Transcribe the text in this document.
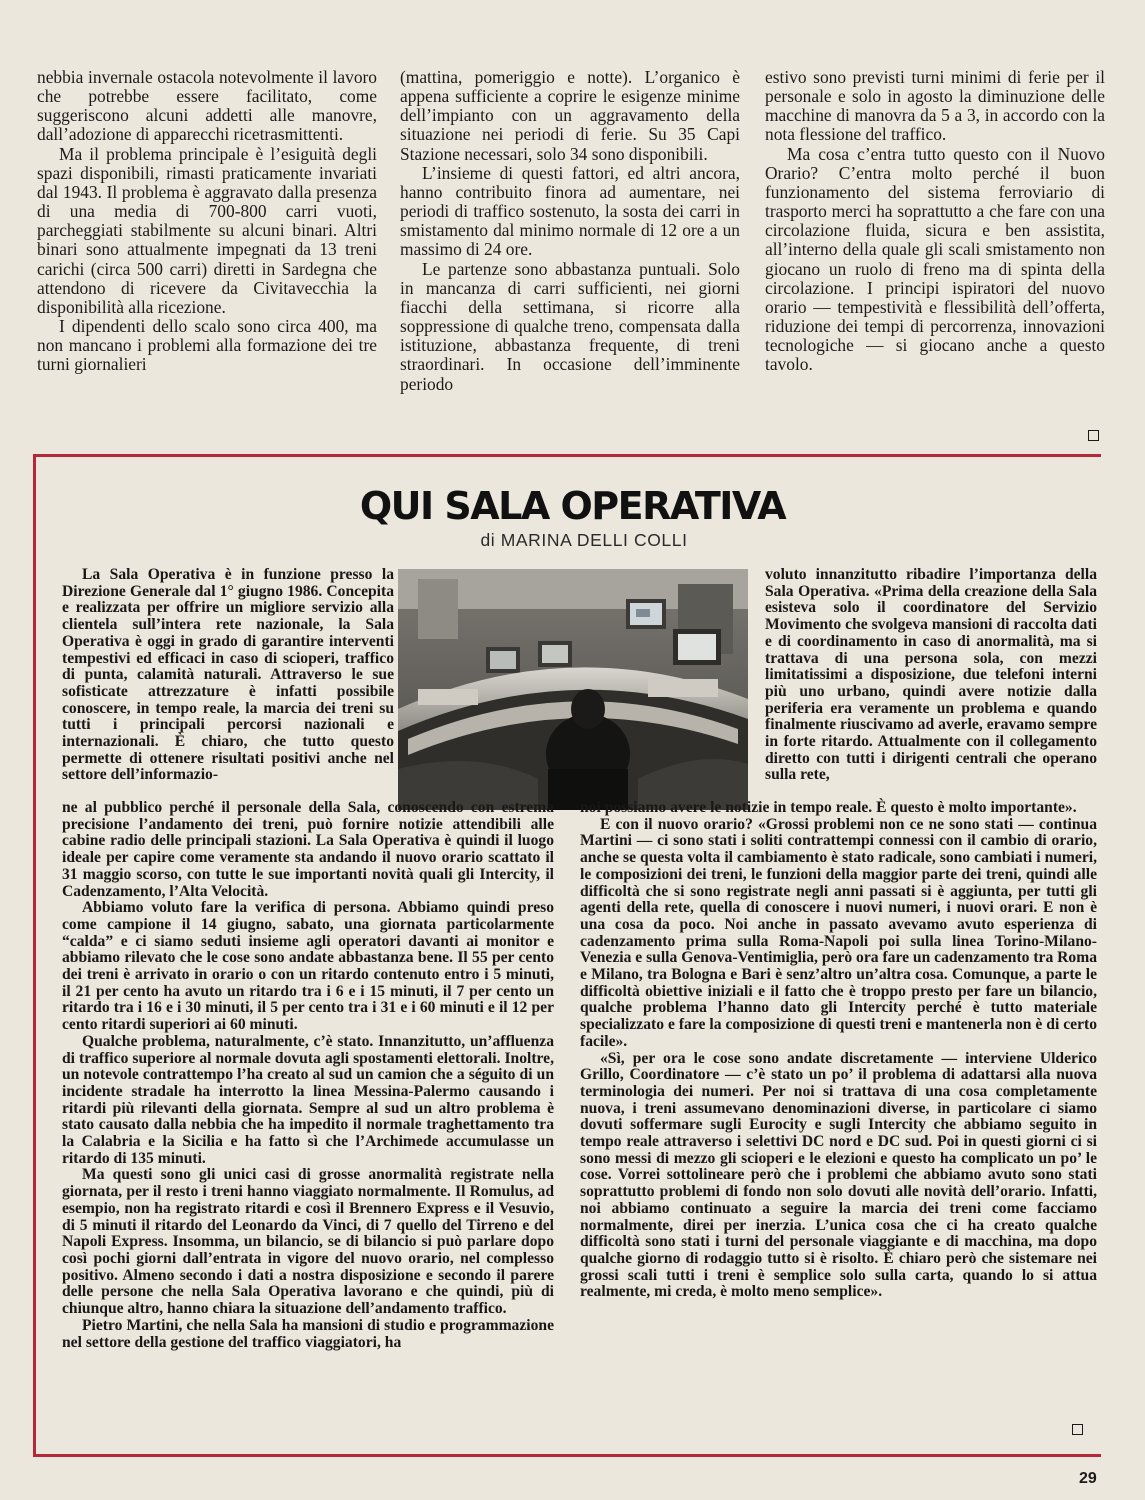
nebbia invernale ostacola notevolmente il lavoro che potrebbe essere facilitato, come suggeriscono alcuni addetti alle manovre, dall’adozione di apparecchi ricetrasmittenti.

Ma il problema principale è l’esiguità degli spazi disponibili, rimasti praticamente invariati dal 1943. Il problema è aggravato dalla presenza di una media di 700-800 carri vuoti, parcheggiati stabilmente su alcuni binari. Altri binari sono attualmente impegnati da 13 treni carichi (circa 500 carri) diretti in Sardegna che attendono di ricevere da Civitavecchia la disponibilità alla ricezione.

I dipendenti dello scalo sono circa 400, ma non mancano i problemi alla formazione dei tre turni giornalieri

(mattina, pomeriggio e notte). L’organico è appena sufficiente a coprire le esigenze minime dell’impianto con un aggravamento della situazione nei periodi di ferie. Su 35 Capi Stazione necessari, solo 34 sono disponibili.

L’insieme di questi fattori, ed altri ancora, hanno contribuito finora ad aumentare, nei periodi di traffico sostenuto, la sosta dei carri in smistamento dal minimo normale di 12 ore a un massimo di 24 ore.

Le partenze sono abbastanza puntuali. Solo in mancanza di carri sufficienti, nei giorni fiacchi della settimana, si ricorre alla soppressione di qualche treno, compensata dalla istituzione, abbastanza frequente, di treni straordinari. In occasione dell’imminente periodo

estivo sono previsti turni minimi di ferie per il personale e solo in agosto la diminuzione delle macchine di manovra da 5 a 3, in accordo con la nota flessione del traffico.

Ma cosa c’entra tutto questo con il Nuovo Orario? C’entra molto perché il buon funzionamento del sistema ferroviario di trasporto merci ha soprattutto a che fare con una circolazione fluida, sicura e ben assistita, all’interno della quale gli scali smistamento non giocano un ruolo di freno ma di spinta della circolazione. I principi ispiratori del nuovo orario — tempestività e flessibilità dell’offerta, riduzione dei tempi di percorrenza, innovazioni tecnologiche — si giocano anche a questo tavolo.

QUI SALA OPERATIVA
di MARINA DELLI COLLI

La Sala Operativa è in funzione presso la Direzione Generale dal 1° giugno 1986. Concepita e realizzata per offrire un migliore servizio alla clientela sull’intera rete nazionale, la Sala Operativa è oggi in grado di garantire interventi tempestivi ed efficaci in caso di scioperi, traffico di punta, calamità naturali. Attraverso le sue sofisticate attrezzature è infatti possibile conoscere, in tempo reale, la marcia dei treni su tutti i principali percorsi nazionali e internazionali. È chiaro, che tutto questo permette di ottenere risultati positivi anche nel settore dell’informazio-

voluto innanzitutto ribadire l’importanza della Sala Operativa. «Prima della creazione della Sala esisteva solo il coordinatore del Servizio Movimento che svolgeva mansioni di raccolta dati e di coordinamento in caso di anormalità, ma si trattava di una persona sola, con mezzi limitatissimi a disposizione, due telefoni interni più uno urbano, quindi avere notizie dalla periferia era veramente un problema e quando finalmente riuscivamo ad averle, eravamo sempre in forte ritardo. Attualmente con il collegamento diretto con tutti i dirigenti centrali che operano sulla rete,

ne al pubblico perché il personale della Sala, conoscendo con estrema precisione l’andamento dei treni, può fornire notizie attendibili alle cabine radio delle principali stazioni. La Sala Operativa è quindi il luogo ideale per capire come veramente sta andando il nuovo orario scattato il 31 maggio scorso, con tutte le sue importanti novità quali gli Intercity, il Cadenzamento, l’Alta Velocità.

Abbiamo voluto fare la verifica di persona. Abbiamo quindi preso come campione il 14 giugno, sabato, una giornata particolarmente “calda” e ci siamo seduti insieme agli operatori davanti ai monitor e abbiamo rilevato che le cose sono andate abbastanza bene. Il 55 per cento dei treni è arrivato in orario o con un ritardo contenuto entro i 5 minuti, il 21 per cento ha avuto un ritardo tra i 6 e i 15 minuti, il 7 per cento un ritardo tra i 16 e i 30 minuti, il 5 per cento tra i 31 e i 60 minuti e il 12 per cento ritardi superiori ai 60 minuti.

Qualche problema, naturalmente, c’è stato. Innanzitutto, un’affluenza di traffico superiore al normale dovuta agli spostamenti elettorali. Inoltre, un notevole contrattempo l’ha creato al sud un camion che a séguito di un incidente stradale ha interrotto la linea Messina-Palermo causando i ritardi più rilevanti della giornata. Sempre al sud un altro problema è stato causato dalla nebbia che ha impedito il normale traghettamento tra la Calabria e la Sicilia e ha fatto sì che l’Archimede accumulasse un ritardo di 135 minuti.

Ma questi sono gli unici casi di grosse anormalità registrate nella giornata, per il resto i treni hanno viaggiato normalmente. Il Romulus, ad esempio, non ha registrato ritardi e così il Brennero Express e il Vesuvio, di 5 minuti il ritardo del Leonardo da Vinci, di 7 quello del Tirreno e del Napoli Express. Insomma, un bilancio, se di bilancio si può parlare dopo così pochi giorni dall’entrata in vigore del nuovo orario, nel complesso positivo. Almeno secondo i dati a nostra disposizione e secondo il parere delle persone che nella Sala Operativa lavorano e che quindi, più di chiunque altro, hanno chiara la situazione dell’andamento traffico.

Pietro Martini, che nella Sala ha mansioni di studio e programmazione nel settore della gestione del traffico viaggiatori, ha

noi possiamo avere le notizie in tempo reale. È questo è molto importante».

E con il nuovo orario? «Grossi problemi non ce ne sono stati — continua Martini — ci sono stati i soliti contrattempi connessi con il cambio di orario, anche se questa volta il cambiamento è stato radicale, sono cambiati i numeri, le composizioni dei treni, le funzioni della maggior parte dei treni, quindi alle difficoltà che si sono registrate negli anni passati si è aggiunta, per tutti gli agenti della rete, quella di conoscere i nuovi numeri, i nuovi orari. E non è una cosa da poco. Noi anche in passato avevamo avuto esperienza di cadenzamento prima sulla Roma-Napoli poi sulla linea Torino-Milano-Venezia e sulla Genova-Ventimiglia, però ora fare un cadenzamento tra Roma e Milano, tra Bologna e Bari è senz’altro un’altra cosa. Comunque, a parte le difficoltà obiettive iniziali e il fatto che è troppo presto per fare un bilancio, qualche problema l’hanno dato gli Intercity perché è tutto materiale specializzato e fare la composizione di questi treni e mantenerla non è di certo facile».

«Sì, per ora le cose sono andate discretamente — interviene Ulderico Grillo, Coordinatore — c’è stato un po’ il problema di adattarsi alla nuova terminologia dei numeri. Per noi si trattava di una cosa completamente nuova, i treni assumevano denominazioni diverse, in particolare ci siamo dovuti soffermare sugli Eurocity e sugli Intercity che abbiamo seguito in tempo reale attraverso i selettivi DC nord e DC sud. Poi in questi giorni ci si sono messi di mezzo gli scioperi e le elezioni e questo ha complicato un po’ le cose. Vorrei sottolineare però che i problemi che abbiamo avuto sono stati soprattutto problemi di fondo non solo dovuti alle novità dell’orario. Infatti, noi abbiamo continuato a seguire la marcia dei treni come facciamo normalmente, direi per inerzia. L’unica cosa che ci ha creato qualche difficoltà sono stati i turni del personale viaggiante e di macchina, ma dopo qualche giorno di rodaggio tutto si è risolto. È chiaro però che sistemare nei grossi scali tutti i treni è semplice solo sulla carta, quando lo si attua realmente, mi creda, è molto meno semplice».

29
